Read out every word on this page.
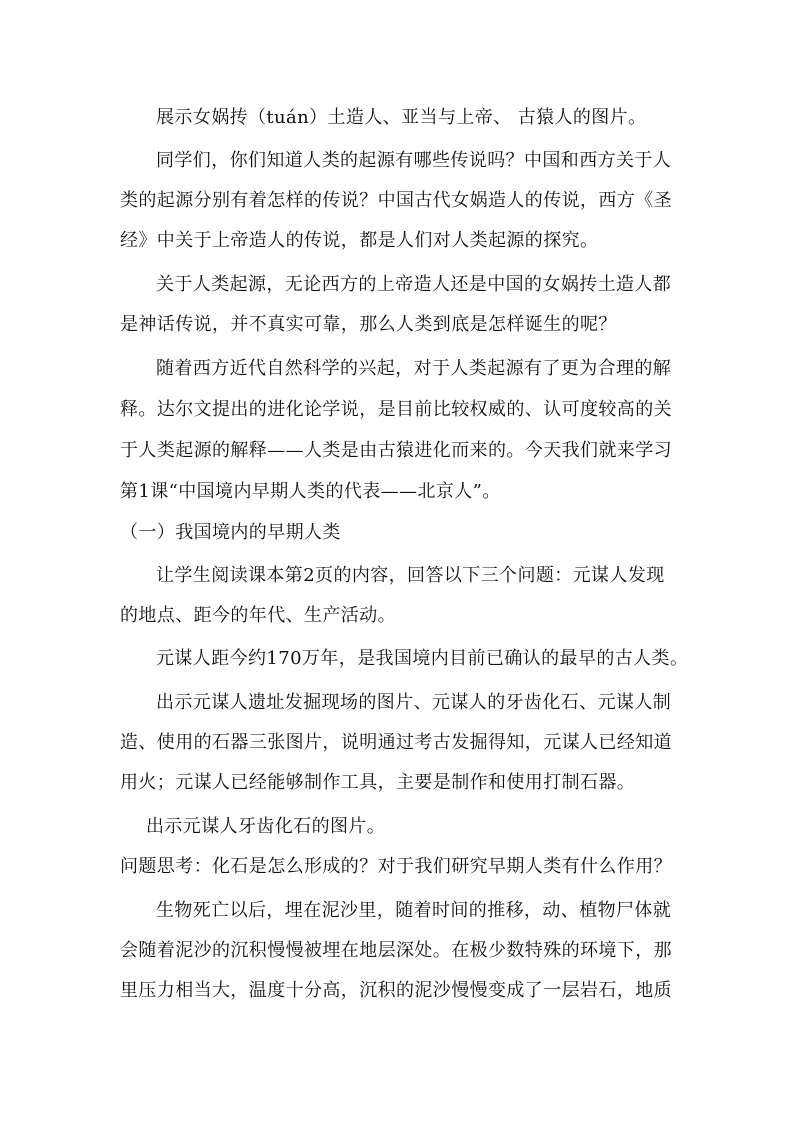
展示女娲抟（tuán）土造人、亚当与上帝、 古猿人的图片。
同学们，你们知道人类的起源有哪些传说吗？中国和西方关于人
类的起源分别有着怎样的传说？中国古代女娲造人的传说，西方《圣
经》中关于上帝造人的传说，都是人们对人类起源的探究。
关于人类起源，无论西方的上帝造人还是中国的女娲抟土造人都
是神话传说，并不真实可靠，那么人类到底是怎样诞生的呢？
随着西方近代自然科学的兴起，对于人类起源有了更为合理的解
释。达尔文提出的进化论学说，是目前比较权威的、认可度较高的关
于人类起源的解释——人类是由古猿进化而来的。今天我们就来学习
第1课“中国境内早期人类的代表——北京人”。
（一）我国境内的早期人类
让学生阅读课本第2页的内容，回答以下三个问题：元谋人发现
的地点、距今的年代、生产活动。
元谋人距今约170万年，是我国境内目前已确认的最早的古人类。
出示元谋人遗址发掘现场的图片、元谋人的牙齿化石、元谋人制
造、使用的石器三张图片，说明通过考古发掘得知，元谋人已经知道
用火；元谋人已经能够制作工具，主要是制作和使用打制石器。
出示元谋人牙齿化石的图片。
问题思考：化石是怎么形成的？对于我们研究早期人类有什么作用？
生物死亡以后，埋在泥沙里，随着时间的推移，动、植物尸体就
会随着泥沙的沉积慢慢被埋在地层深处。在极少数特殊的环境下，那
里压力相当大，温度十分高，沉积的泥沙慢慢变成了一层岩石，地质
